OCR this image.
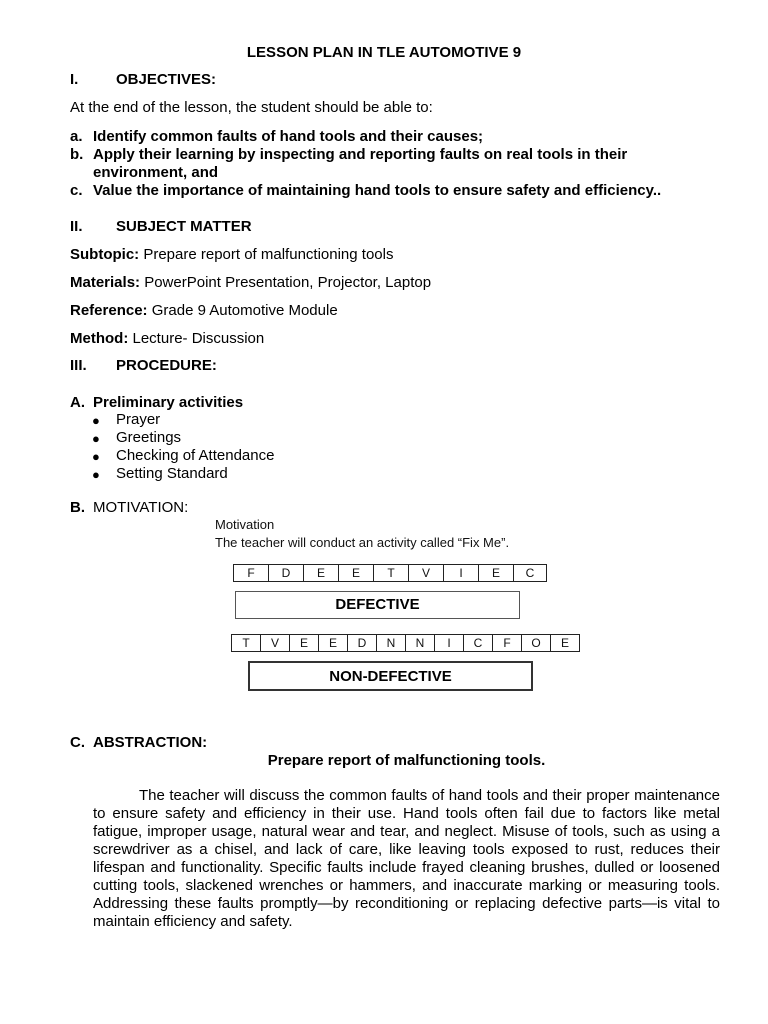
LESSON PLAN IN TLE AUTOMOTIVE 9
I.	OBJECTIVES:
At the end of the lesson, the student should be able to:
a. Identify common faults of hand tools and their causes;
b. Apply their learning by inspecting and reporting faults on real tools in their
environment, and
c. Value the importance of maintaining hand tools to ensure safety and efficiency..
II. SUBJECT MATTER
Subtopic: Prepare report of malfunctioning tools
Materials: PowerPoint Presentation, Projector, Laptop
Reference: Grade 9 Automotive Module
Method: Lecture- Discussion
III. PROCEDURE:
A. Preliminary activities
● Prayer
● Greetings
● Checking of Attendance
● Setting Standard
B. MOTIVATION:
Motivation
The teacher will conduct an activity called “Fix Me”.
F	D	E	E	T	V	I	E	C
DEFECTIVE
T	V	E	E	D	N	N	I	C	F	O	E
NON-DEFECTIVE
C. ABSTRACTION:
Prepare report of malfunctioning tools.
The teacher will discuss the common faults of hand tools and their proper maintenance to ensure safety and efficiency in their use. Hand tools often fail due to factors like metal fatigue, improper usage, natural wear and tear, and neglect. Misuse of tools, such as using a screwdriver as a chisel, and lack of care, like leaving tools exposed to rust, reduces their lifespan and functionality. Specific faults include frayed cleaning brushes, dulled or loosened cutting tools, slackened wrenches or hammers, and inaccurate marking or measuring tools. Addressing these faults promptly—by reconditioning or replacing defective parts—is vital to maintain efficiency and safety.
